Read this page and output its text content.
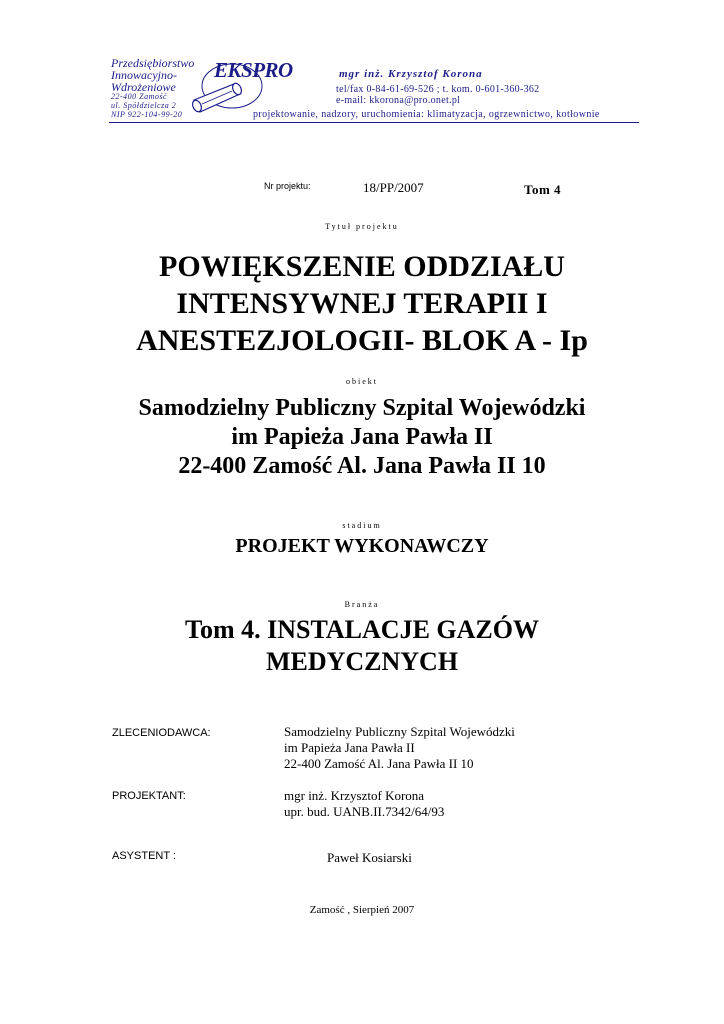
Przedsiębiorstwo
Innowacyjno-
Wdrożeniowe
22-400 Zamość
ul. Spółdzielcza 2
NIP 922-104-99-20
EKSPRO	mgr inż. Krzysztof Korona
tel/fax 0-84-61-69-526 ; t. kom. 0-601-360-362
e-mail: kkorona@pro.onet.pl
projektowanie, nadzory, uruchomienia: klimatyzacja, ogrzewnictwo, kotłownie
Nr projektu:	18/PP/2007	Tom 4
Tytuł projektu
POWIĘKSZENIE ODDZIAŁU
INTENSYWNEJ TERAPII I
ANESTEZJOLOGII- BLOK A - Ip
obiekt
Samodzielny Publiczny Szpital Wojewódzki
im Papieża Jana Pawła II
22-400 Zamość Al. Jana Pawła II 10
stadium
PROJEKT WYKONAWCZY
Branża
Tom 4. INSTALACJE GAZÓW
MEDYCZNYCH
ZLECENIODAWCA:	Samodzielny Publiczny Szpital Wojewódzki
im Papieża Jana Pawła II
22-400 Zamość Al. Jana Pawła II 10
PROJEKTANT:	mgr inż. Krzysztof Korona
upr. bud. UANB.II.7342/64/93
ASYSTENT :	Paweł Kosiarski
Zamość , Sierpień 2007
